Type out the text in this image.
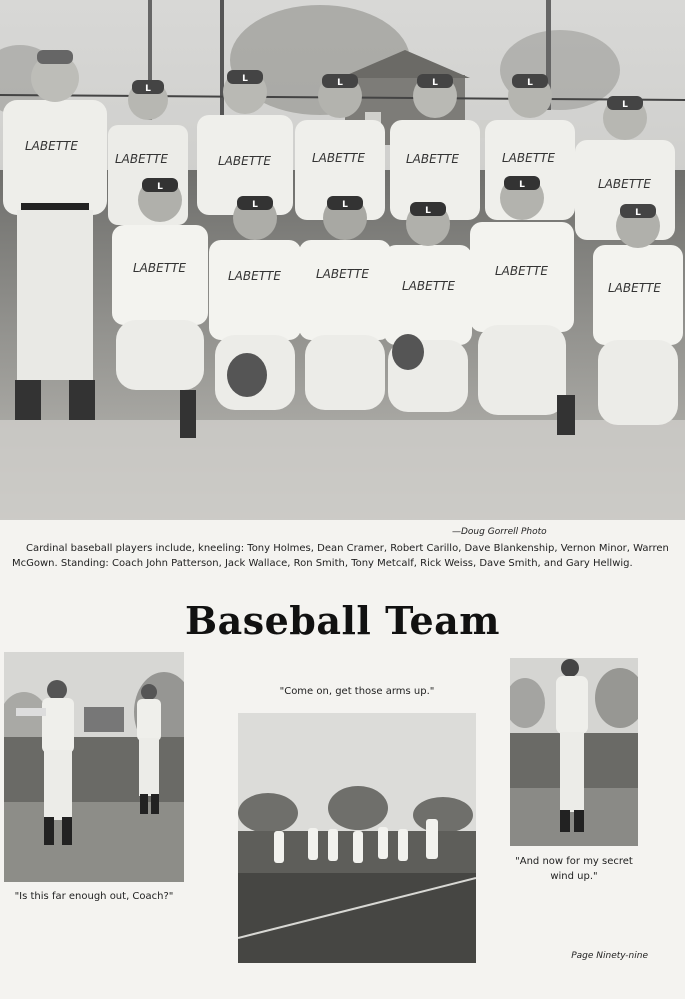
LABETTE
LABETTE	LABETTE	LABETTE	LABETTE	LABETTE
LABETTE
LABETTE
LABETTE	LABETTE
LABETTE
LABETTE
LABETTE
L
L	L	L	L
L
L
L	L
L
L
L
—Doug Gorrell Photo
Cardinal baseball players include, kneeling: Tony Holmes, Dean Cramer, Robert Carillo, Dave Blankenship, Vernon Minor, Warren McGown. Standing: Coach John Patterson, Jack Wallace, Ron Smith, Tony Metcalf, Rick Weiss, Dave Smith, and Gary Hellwig.
Baseball Team
"Is this far enough out, Coach?"
"Come on, get those arms up."
"And now for my secret wind up."
Page Ninety-nine
